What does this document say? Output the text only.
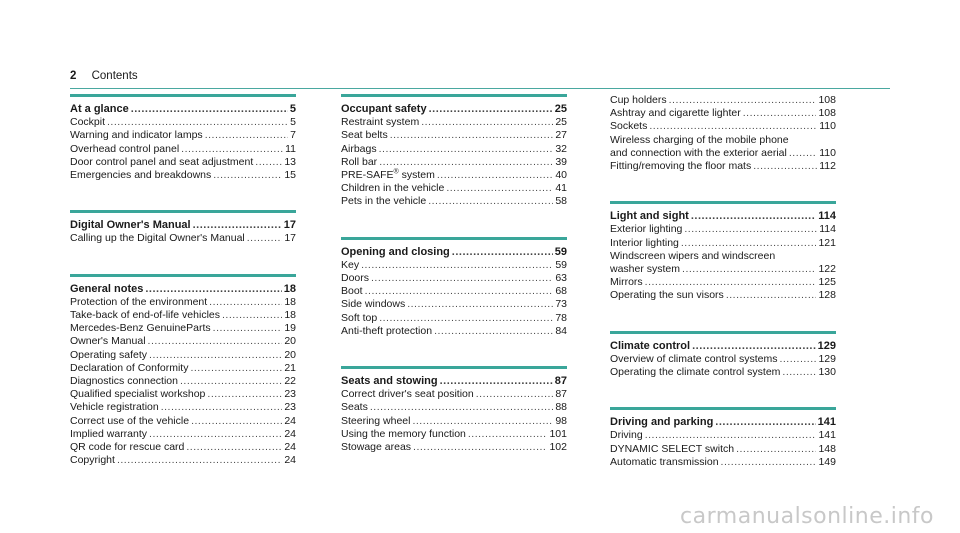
2 Contents
At a glance .....	5
Cockpit .....	5
Warning and indicator lamps .....	7
Overhead control panel .....	11
Door control panel and seat adjustment .....	13
Emergencies and breakdowns .....	15
Digital Owner's Manual .....	17
Calling up the Digital Owner's Manual .....	17
General notes .....	18
Protection of the environment .....	18
Take-back of end-of-life vehicles .....	18
Mercedes-Benz GenuineParts .....	19
Owner's Manual .....	20
Operating safety .....	20
Declaration of Conformity .....	21
Diagnostics connection .....	22
Qualified specialist workshop .....	23
Vehicle registration .....	23
Correct use of the vehicle .....	24
Implied warranty .....	24
QR code for rescue card .....	24
Copyright .....	24
Occupant safety .....	25
Restraint system .....	25
Seat belts .....	27
Airbags .....	32
Roll bar .....	39
PRE-SAFE® system .....	40
Children in the vehicle .....	41
Pets in the vehicle .....	58
Opening and closing .....	59
Key .....	59
Doors .....	63
Boot .....	68
Side windows .....	73
Soft top .....	78
Anti-theft protection .....	84
Seats and stowing .....	87
Correct driver's seat position .....	87
Seats .....	88
Steering wheel .....	98
Using the memory function .....	101
Stowage areas .....	102
Cup holders .....	108
Ashtray and cigarette lighter .....	108
Sockets .....	110
Wireless charging of the mobile phone
and connection with the exterior aerial .....	110
Fitting/removing the floor mats .....	112
Light and sight .....	114
Exterior lighting .....	114
Interior lighting .....	121
Windscreen wipers and windscreen
washer system .....	122
Mirrors .....	125
Operating the sun visors .....	128
Climate control .....	129
Overview of climate control systems .....	129
Operating the climate control system .....	130
Driving and parking .....	141
Driving .....	141
DYNAMIC SELECT switch .....	148
Automatic transmission .....	149
carmanualsonline.info
